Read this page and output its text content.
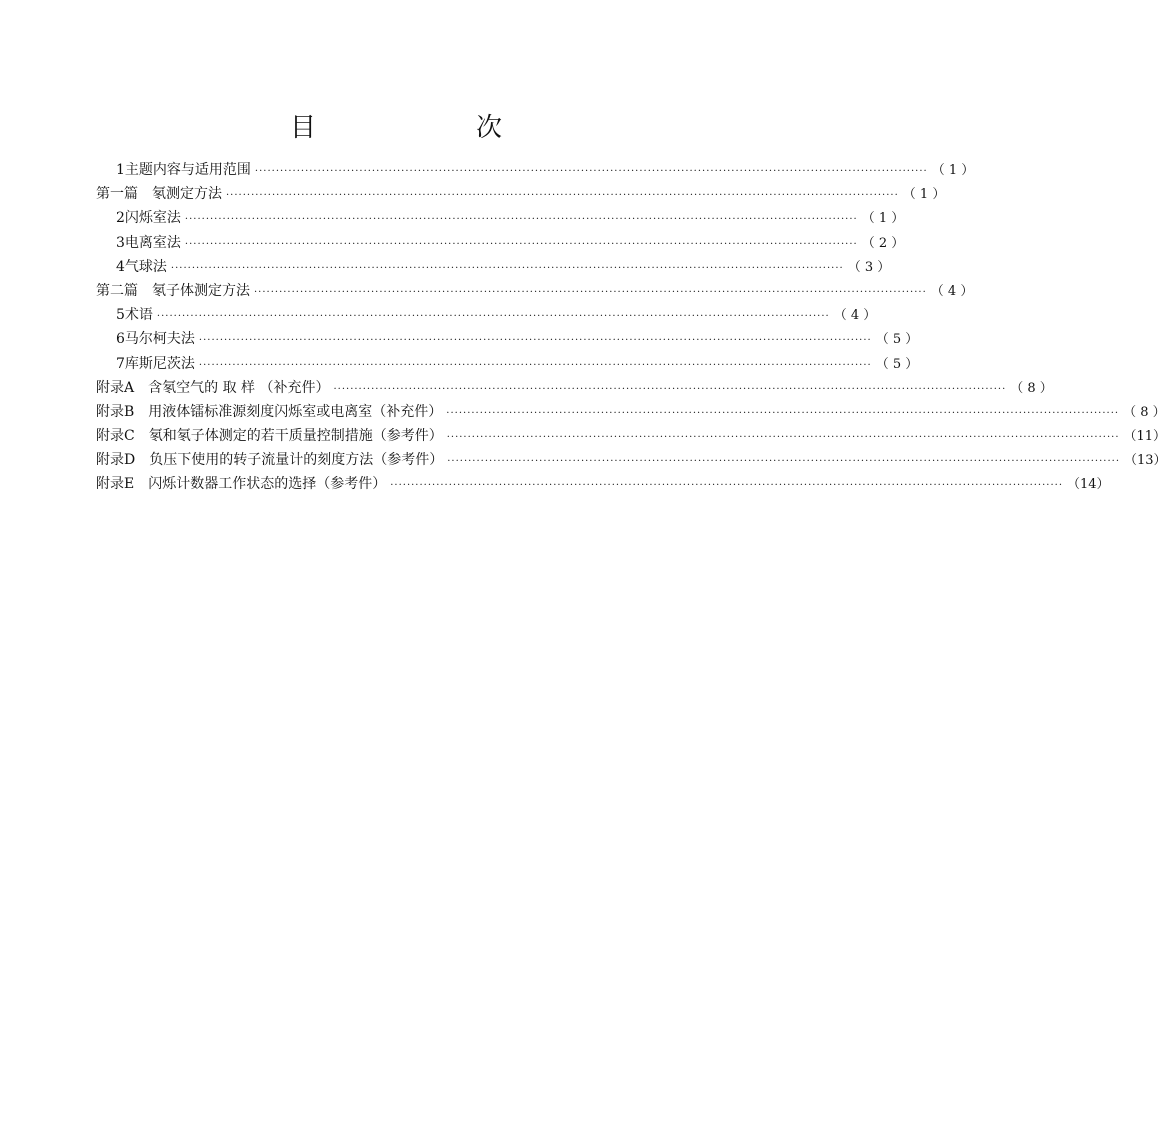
目　　次
1主题内容与适用范围 ································································································································································· （ 1 ）
第一篇 氡测定方法 ································································································································································· （ 1 ）
2闪烁室法 ································································································································································· （ 1 ）
3电离室法 ································································································································································· （ 2 ）
4气球法 ································································································································································· （ 3 ）
第二篇 氡子体测定方法 ································································································································································· （ 4 ）
5术语 ································································································································································· （ 4 ）
6马尔柯夫法 ································································································································································· （ 5 ）
7库斯尼茨法 ································································································································································· （ 5 ）
附录A 含氡空气的 取 样 （补充件） ································································································································································· （ 8 ）
附录B 用液体镭标准源刻度闪烁室或电离室（补充件） ································································································································································· （ 8 ）
附录C 氡和氡子体测定的若干质量控制措施（参考件） ································································································································································· （11）
附录D 负压下使用的转子流量计的刻度方法（参考件） ································································································································································· （13）
附录E 闪烁计数器工作状态的选择（参考件） ································································································································································· （14）
